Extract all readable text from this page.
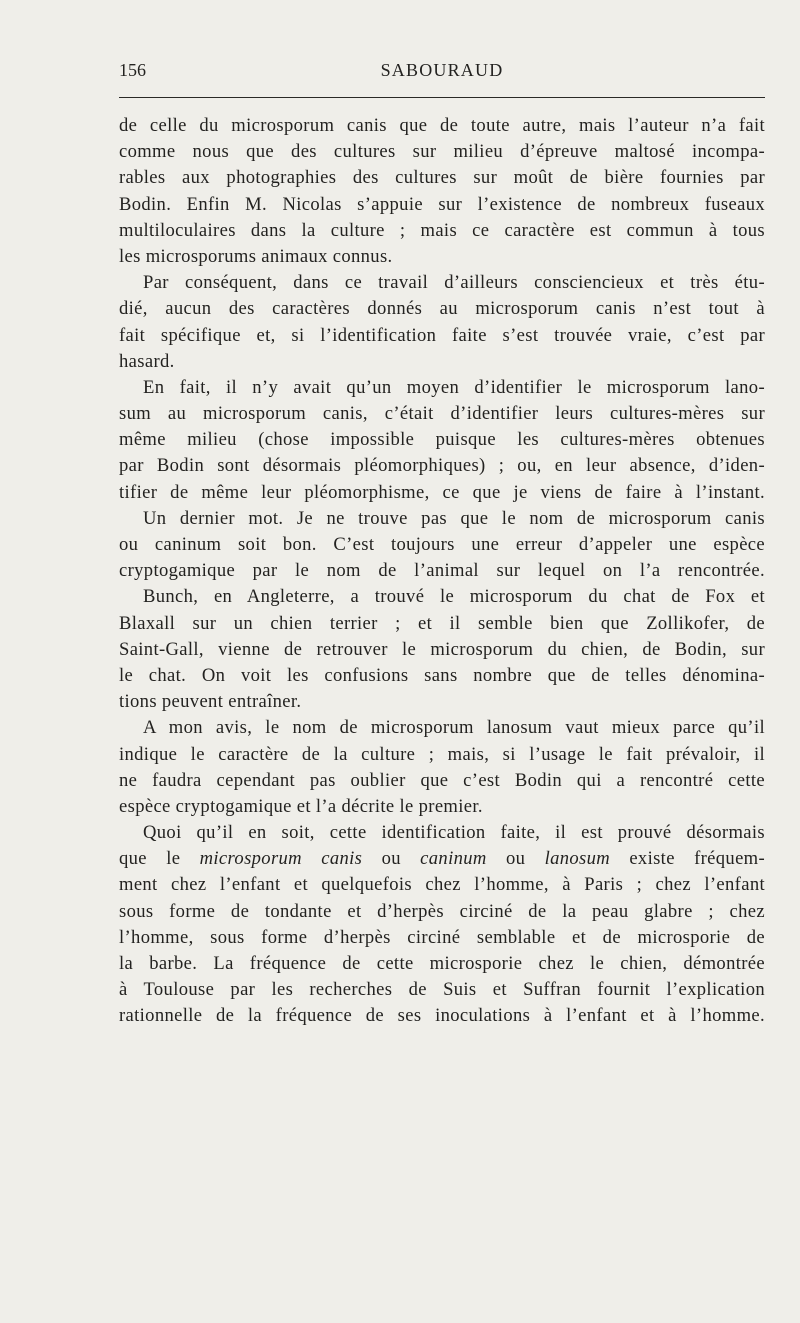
156	SABOURAUD
de celle du microsporum canis que de toute autre, mais l’auteur n’a fait
comme nous que des cultures sur milieu d’épreuve maltosé incompa-
rables aux photographies des cultures sur moût de bière fournies par
Bodin. Enfin M. Nicolas s’appuie sur l’existence de nombreux fuseaux
multiloculaires dans la culture ; mais ce caractère est commun à tous
les microsporums animaux connus.
Par conséquent, dans ce travail d’ailleurs consciencieux et très étu-
dié, aucun des caractères donnés au microsporum canis n’est tout à
fait spécifique et, si l’identification faite s’est trouvée vraie, c’est par
hasard.
En fait, il n’y avait qu’un moyen d’identifier le microsporum lano-
sum au microsporum canis, c’était d’identifier leurs cultures-mères sur
même milieu (chose impossible puisque les cultures-mères obtenues
par Bodin sont désormais pléomorphiques) ; ou, en leur absence, d’iden-
tifier de même leur pléomorphisme, ce que je viens de faire à l’instant.
Un dernier mot. Je ne trouve pas que le nom de microsporum canis
ou caninum soit bon. C’est toujours une erreur d’appeler une espèce
cryptogamique par le nom de l’animal sur lequel on l’a rencontrée.
Bunch, en Angleterre, a trouvé le microsporum du chat de Fox et
Blaxall sur un chien terrier ; et il semble bien que Zollikofer, de
Saint-Gall, vienne de retrouver le microsporum du chien, de Bodin, sur
le chat. On voit les confusions sans nombre que de telles dénomina-
tions peuvent entraîner.
A mon avis, le nom de microsporum lanosum vaut mieux parce qu’il
indique le caractère de la culture ; mais, si l’usage le fait prévaloir, il
ne faudra cependant pas oublier que c’est Bodin qui a rencontré cette
espèce cryptogamique et l’a décrite le premier.
Quoi qu’il en soit, cette identification faite, il est prouvé désormais
que le microsporum canis ou caninum ou lanosum existe fréquem-
ment chez l’enfant et quelquefois chez l’homme, à Paris ; chez l’enfant
sous forme de tondante et d’herpès circiné de la peau glabre ; chez
l’homme, sous forme d’herpès circiné semblable et de microsporie de
la barbe. La fréquence de cette microsporie chez le chien, démontrée
à Toulouse par les recherches de Suis et Suffran fournit l’explication
rationnelle de la fréquence de ses inoculations à l’enfant et à l’homme.
